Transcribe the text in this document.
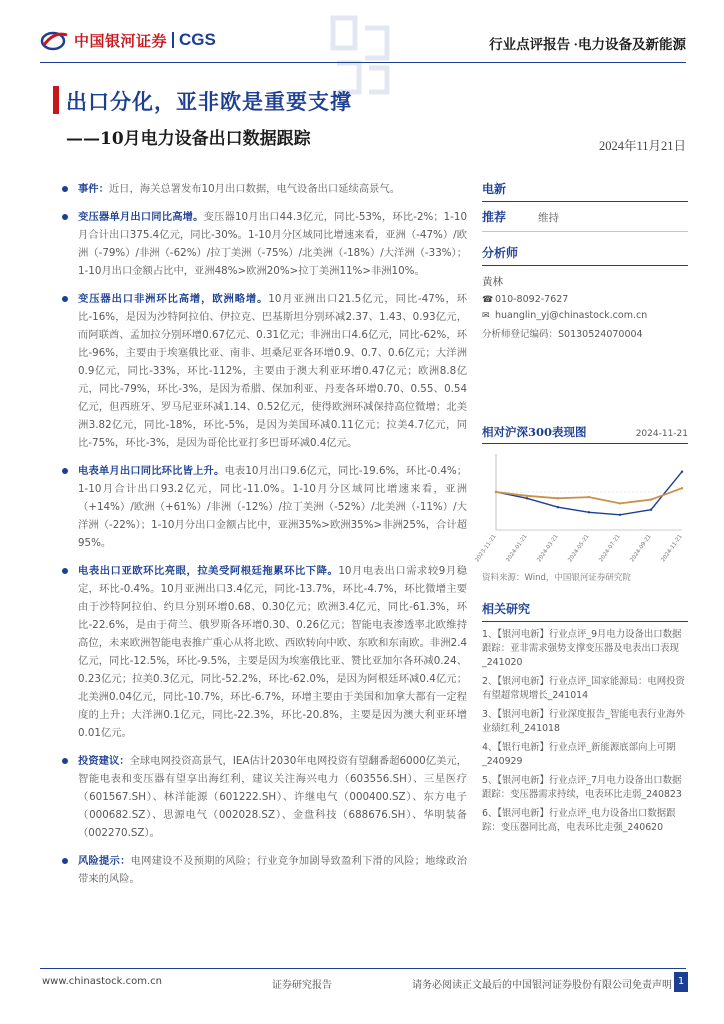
中国银河证券 CGS	行业点评报告 ·电力设备及新能源
出口分化，亚非欧是重要支撑
——10月电力设备出口数据跟踪	2024年11月21日
事件：近日，海关总署发布10月出口数据，电气设备出口延续高景气。
变压器单月出口同比高增。变压器10月出口44.3亿元，同比-53%，环比-2%；1-10月合计出口375.4亿元，同比-30%。1-10月分区域同比增速来看，亚洲（-47%）/欧洲（-79%）/非洲（-62%）/拉丁美洲（-75%）/北美洲（-18%）/大洋洲（-33%）；1-10月出口金额占比中，亚洲48%>欧洲20%>拉丁美洲11%>非洲10%。
变压器出口非洲环比高增，欧洲略增。10月亚洲出口21.5亿元，同比-47%，环比-16%，是因为沙特阿拉伯、伊拉克、巴基斯坦分别环减2.37、1.43、0.93亿元，而阿联酋、孟加拉分别环增0.67亿元、0.31亿元；非洲出口4.6亿元，同比-62%，环比-96%，主要由于埃塞俄比亚、南非、坦桑尼亚各环增0.9、0.7、0.6亿元；大洋洲0.9亿元，同比-33%，环比-112%，主要由于澳大利亚环增0.47亿元；欧洲8.8亿元，同比-79%，环比-3%，是因为希腊、保加利亚、丹麦各环增0.70、0.55、0.54亿元，但西班牙、罗马尼亚环减1.14、0.52亿元，使得欧洲环减保持高位微增；北美洲3.82亿元，同比-18%，环比-5%，是因为美国环减0.11亿元；拉美4.7亿元，同比-75%，环比-3%，是因为哥伦比亚打多巴哥环减0.4亿元。
电表单月出口同比环比皆上升。电表10月出口9.6亿元，同比-19.6%，环比-0.4%；1-10月合计出口93.2亿元，同比-11.0%。1-10月分区域同比增速来看，亚洲（+14%）/欧洲（+61%）/非洲（-12%）/拉丁美洲（-52%）/北美洲（-11%）/大洋洲（-22%）；1-10月分出口金额占比中，亚洲35%>欧洲35%>非洲25%，合计超95%。
电表出口亚欧环比亮眼，拉美受阿根廷拖累环比下降。10月电表出口需求较9月稳定，环比-0.4%。10月亚洲出口3.4亿元，同比-13.7%，环比-4.7%，环比微增主要由于沙特阿拉伯、约旦分别环增0.68、0.30亿元；欧洲3.4亿元，同比-61.3%，环比-22.6%，是由于荷兰、俄罗斯各环增0.30、0.26亿元；智能电表渗透率北欧维持高位，未来欧洲智能电表推广重心从将北欧、西欧转向中欧、东欧和东南欧。非洲2.4亿元，同比-12.5%，环比-9.5%，主要是因为埃塞俄比亚、赞比亚加尔各环减0.24、0.23亿元；拉美0.3亿元，同比-52.2%，环比-62.0%，是因为阿根廷环减0.4亿元；北美洲0.04亿元，同比-10.7%，环比-6.7%，环增主要由于美国和加拿大都有一定程度的上升；大洋洲0.1亿元，同比-22.3%，环比-20.8%，主要是因为澳大利亚环增0.01亿元。
投资建议：全球电网投资高景气，IEA估计2030年电网投资有望翻番超6000亿美元，智能电表和变压器有望享出海红利，建议关注海兴电力（603556.SH）、三星医疗（601567.SH）、林洋能源（601222.SH）、许继电气（000400.SZ）、东方电子（000682.SZ）、思源电气（002028.SZ）、金盘科技（688676.SH）、华明装备（002270.SZ）。
风险提示：电网建设不及预期的风险；行业竞争加剧导致盈利下滑的风险；地缘政治带来的风险。
电新
推荐	维持
分析师
黄林
☎ 010-8092-7627
✉ huanglin_yj@chinastock.com.cn
分析师登记编码：S0130524070004
相对沪深300表现图	2024-11-21
2023-11-21 2024-01-21 2024-03-21 2024-05-21 2024-07-21 2024-09-21 2024-11-21
资料来源：Wind，中国银河证券研究院
相关研究
1、【银河电新】行业点评_9月电力设备出口数据跟踪：亚非需求强势支撑变压器及电表出口表现_241020
2、【银河电新】行业点评_国家能源局：电网投资有望超常规增长_241014
3、【银河电新】行业深度报告_智能电表行业海外业绩红利_241018
4、【银行电新】行业点评_新能源底部向上可期_240929
5、【银河电新】行业点评_7月电力设备出口数据跟踪：变压器需求持续，电表环比走弱_240823
6、【银河电新】行业点评_电力设备出口数据跟踪：变压器同比高，电表环比走强_240620
www.chinastock.com.cn	证券研究报告	请务必阅读正文最后的中国银河证券股份有限公司免责声明 1
